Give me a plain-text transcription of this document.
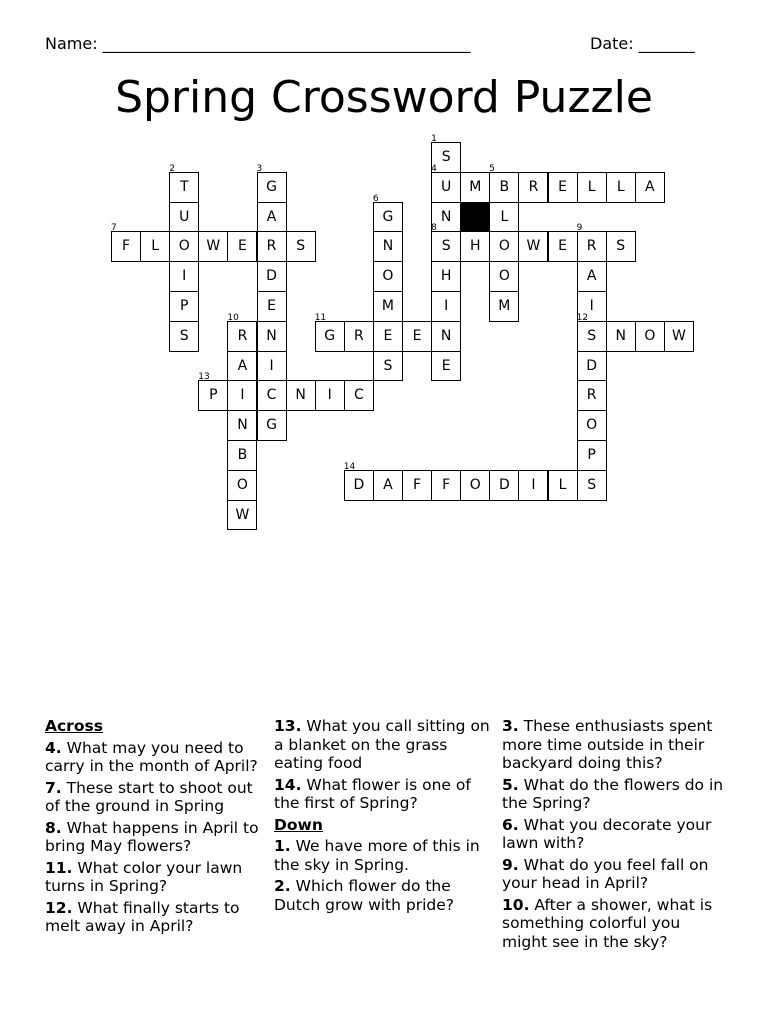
Name: ______________________________________________	Date: _______
Spring Crossword Puzzle
1
S
2
T
3
G
4
U	M
5
B	R	E	L	L	A
U	A
6
G	N	L
7
F	L	O	W	E	R	S	N
8
S	H	O	W	E
9
R	S
I	D	O	H	O	A
P	E	M	I	M	I
S
10
R	N
11
G	R	E	E	N
12
S	N	O	W
A	I	S	E	D
13
P	I	C	N	I	C	R
N	G	O
B	P
O
14
D	A	F	F	O	D	I	L	S
W
Across
4. What may you need to carry in the month of April?
7. These start to shoot out of the ground in Spring
8. What happens in April to bring May flowers?
11. What color your lawn turns in Spring?
12. What finally starts to melt away in April?
13. What you call sitting on a blanket on the grass eating food
14. What flower is one of the first of Spring?
Down
1. We have more of this in the sky in Spring.
2. Which flower do the Dutch grow with pride?
3. These enthusiasts spent more time outside in their backyard doing this?
5. What do the flowers do in the Spring?
6. What you decorate your lawn with?
9. What do you feel fall on your head in April?
10. After a shower, what is something colorful you might see in the sky?
